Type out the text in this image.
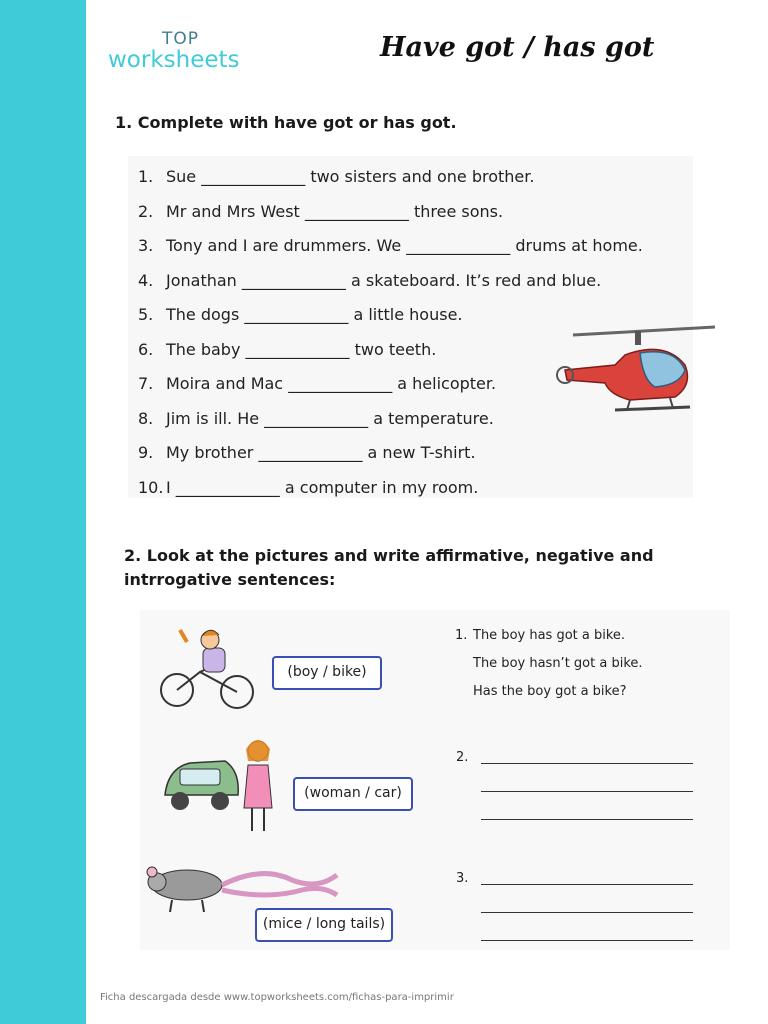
TOP
worksheets	Have got / has got
1. Complete with have got or has got.
1. Sue _____________ two sisters and one brother.
2. Mr and Mrs West _____________ three sons.
3. Tony and I are drummers. We _____________ drums at home.
4. Jonathan _____________ a skateboard. It’s red and blue.
5. The dogs _____________ a little house.
6. The baby _____________ two teeth.
7. Moira and Mac _____________ a helicopter.
8. Jim is ill. He _____________ a temperature.
9. My brother _____________ a new T-shirt.
10. I _____________ a computer in my room.
2. Look at the pictures and write affirmative, negative and intrrogative sentences:
(boy / bike)
(woman / car)
(mice / long tails)
1. The boy has got a bike.
The boy hasn’t got a bike.
Has the boy got a bike?
2.
3.
Ficha descargada desde www.topworksheets.com/fichas-para-imprimir
